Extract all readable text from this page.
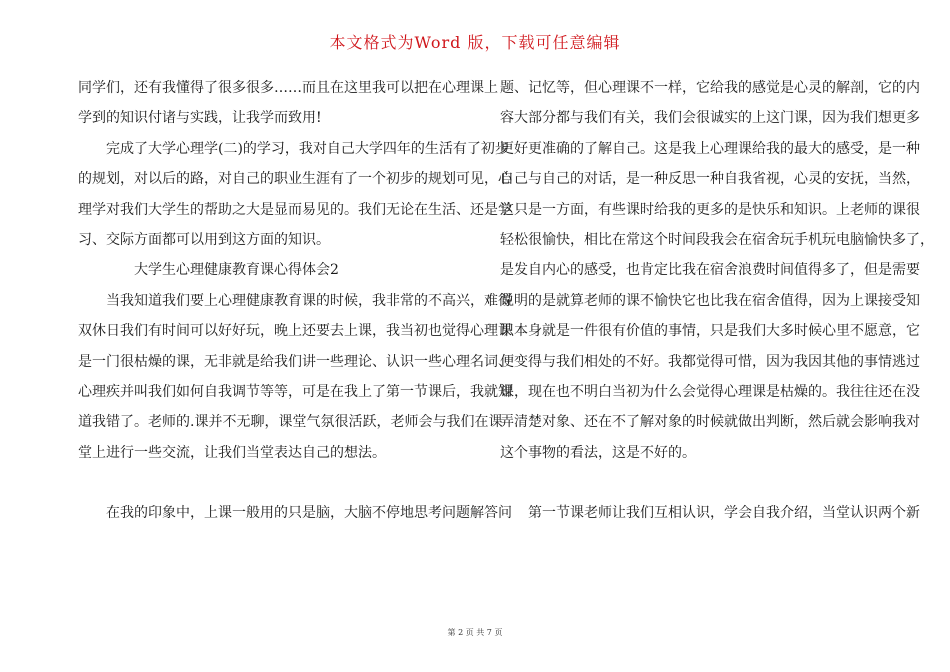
本文格式为Word 版，下载可任意编辑
同学们，还有我懂得了很多很多……而且在这里我可以把在心理课上
学到的知识付诸与实践，让我学而致用!
　　完成了大学心理学(二)的学习，我对自己大学四年的生活有了初步
的规划，对以后的路，对自己的职业生涯有了一个初步的规划可见，心
理学对我们大学生的帮助之大是显而易见的。我们无论在生活、还是学
习、交际方面都可以用到这方面的知识。
　　　　大学生心理健康教育课心得体会2
　　当我知道我们要上心理健康教育课的时候，我非常的不高兴，难得
双休日我们有时间可以好好玩，晚上还要去上课，我当初也觉得心理课
是一门很枯燥的课，无非就是给我们讲一些理论、认识一些心理名词、
心理疾并叫我们如何自我调节等等，可是在我上了第一节课后，我就知
道我错了。老师的.课并不无聊，课堂气氛很活跃，老师会与我们在课
堂上进行一些交流，让我们当堂表达自己的想法。
　　在我的印象中，上课一般用的只是脑，大脑不停地思考问题解答问
题、记忆等，但心理课不一样，它给我的感觉是心灵的解剖，它的内
容大部分都与我们有关，我们会很诚实的上这门课，因为我们想更多
更好更准确的了解自己。这是我上心理课给我的最大的感受，是一种
自己与自己的对话，是一种反思一种自我省视，心灵的安抚，当然，
这只是一方面，有些课时给我的更多的是快乐和知识。上老师的课很
轻松很愉快，相比在常这个时间段我会在宿舍玩手机玩电脑愉快多了，
是发自内心的感受，也肯定比我在宿舍浪费时间值得多了，但是需要
说明的是就算老师的课不愉快它也比我在宿舍值得，因为上课接受知
识本身就是一件很有价值的事情，只是我们大多时候心里不愿意，它
便变得与我们相处的不好。我都觉得可惜，因为我因其他的事情逃过
课，现在也不明白当初为什么会觉得心理课是枯燥的。我往往还在没
弄清楚对象、还在不了解对象的时候就做出判断，然后就会影响我对
这个事物的看法，这是不好的。
　　第一节课老师让我们互相认识，学会自我介绍，当堂认识两个新
第 2 页 共 7 页
